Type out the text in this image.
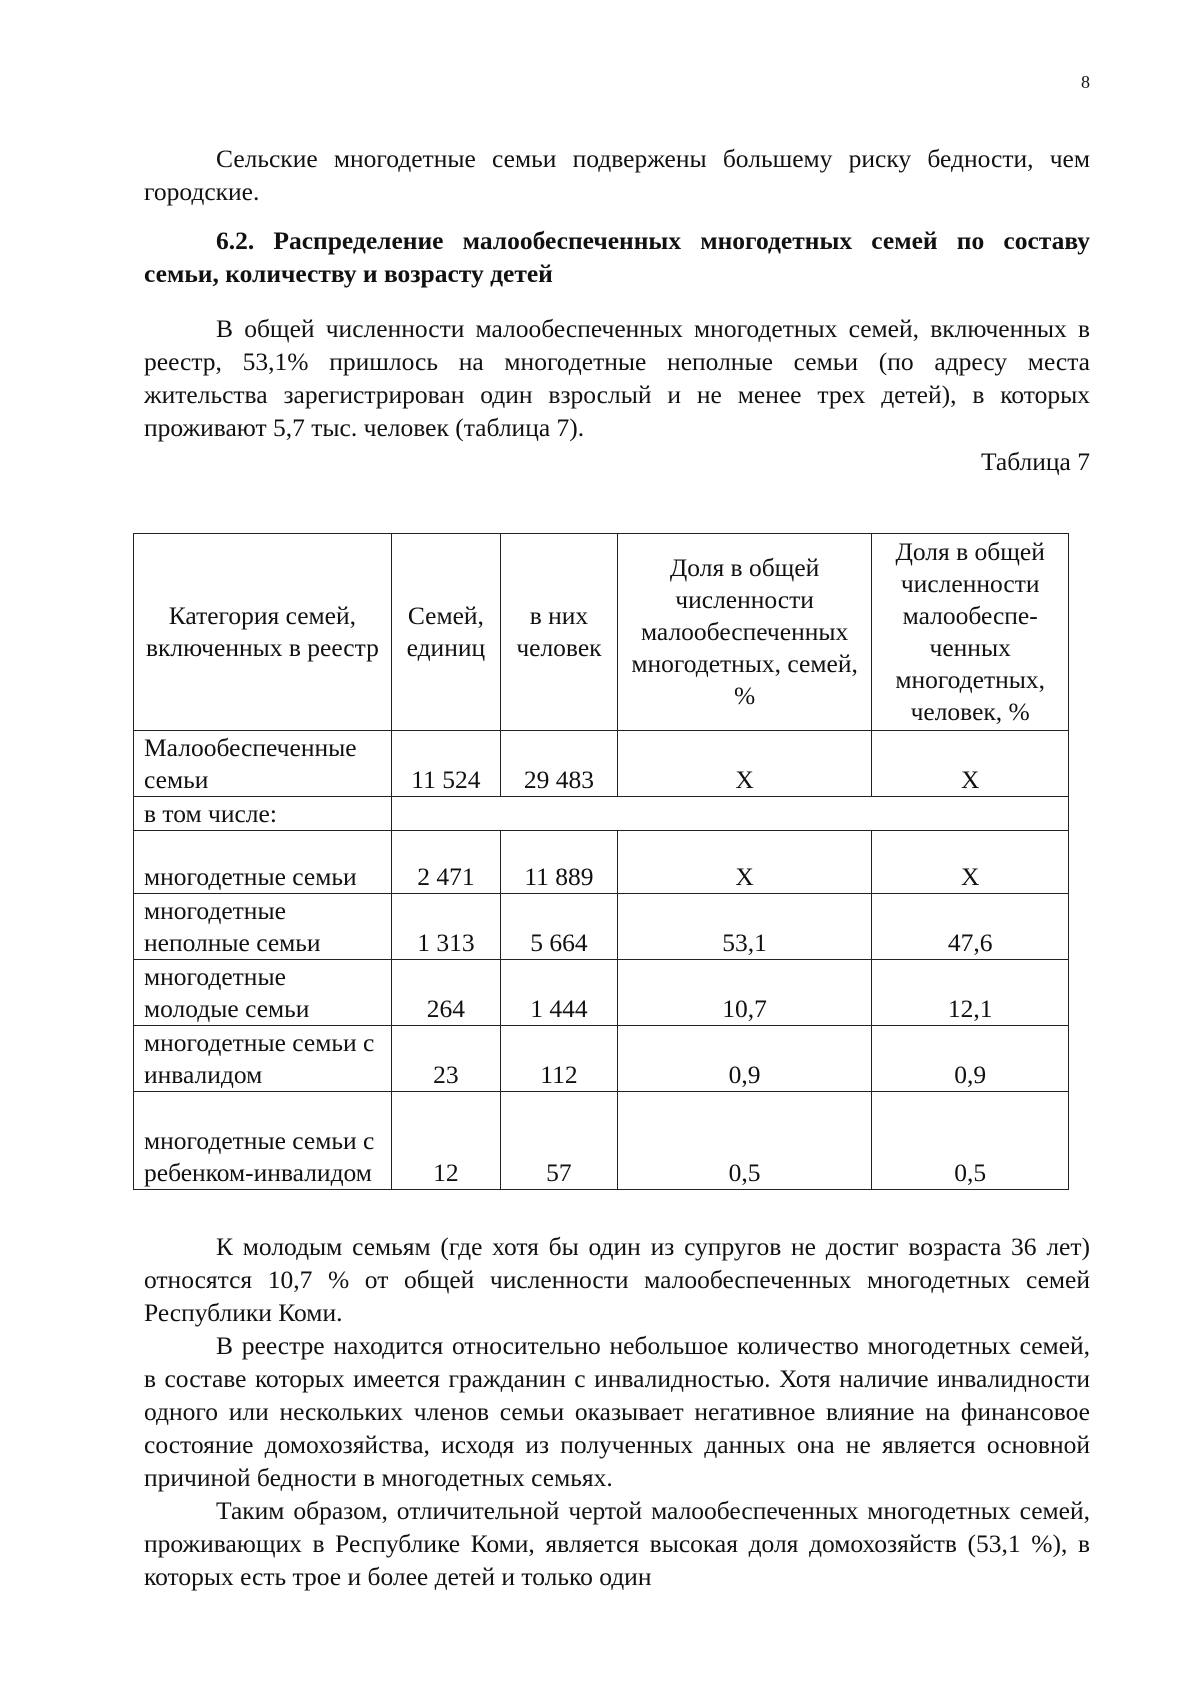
8

Сельские многодетные семьи подвержены большему риску бедности, чем городские.

6.2. Распределение малообеспеченных многодетных семей по составу семьи, количеству и возрасту детей

В общей численности малообеспеченных многодетных семей, включенных в реестр, 53,1% пришлось на многодетные неполные семьи (по адресу места жительства зарегистрирован один взрослый и не менее трех детей), в которых проживают 5,7 тыс. человек (таблица 7).

Таблица 7
Категория семей, включенных в реестр	Семей, единиц	в них человек	Доля в общей численности малообеспеченных многодетных, семей, %	Доля в общей численности малообеспе-ченных многодетных, человек, %
Малообеспеченные семьи	11 524	29 483	Х	Х
в том числе:				
многодетные семьи	2 471	11 889	Х	Х
многодетные неполные семьи	1 313	5 664	53,1	47,6
многодетные молодые семьи	264	1 444	10,7	12,1
многодетные семьи с инвалидом	23	112	0,9	0,9
многодетные семьи с ребенком-инвалидом	12	57	0,5	0,5

К молодым семьям (где хотя бы один из супругов не достиг возраста 36 лет) относятся 10,7 % от общей численности малообеспеченных многодетных семей Республики Коми.

В реестре находится относительно небольшое количество многодетных семей, в составе которых имеется гражданин с инвалидностью. Хотя наличие инвалидности одного или нескольких членов семьи оказывает негативное влияние на финансовое состояние домохозяйства, исходя из полученных данных она не является основной причиной бедности в многодетных семьях.

Таким образом, отличительной чертой малообеспеченных многодетных семей, проживающих в Республике Коми, является высокая доля домохозяйств (53,1 %), в которых есть трое и более детей и только один
